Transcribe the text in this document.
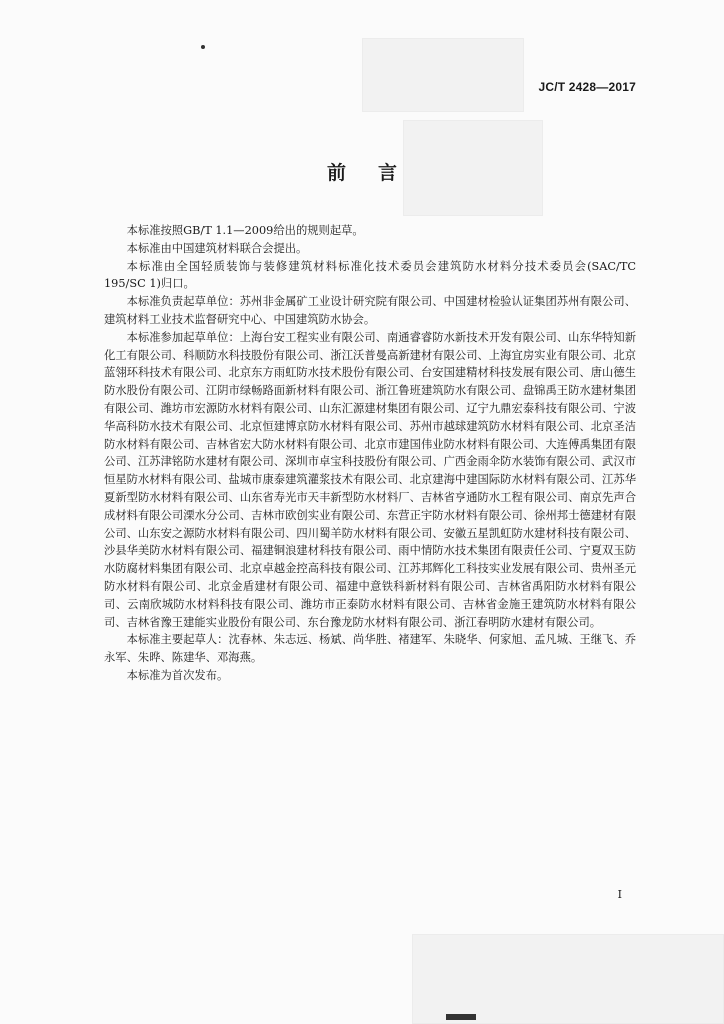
JC/T 2428—2017
前言

本标准按照GB/T 1.1—2009给出的规则起草。

本标准由中国建筑材料联合会提出。

本标准由全国轻质装饰与装修建筑材料标准化技术委员会建筑防水材料分技术委员会(SAC/TC 195/SC 1)归口。

本标准负责起草单位：苏州非金属矿工业设计研究院有限公司、中国建材检验认证集团苏州有限公司、建筑材料工业技术监督研究中心、中国建筑防水协会。

本标准参加起草单位：上海台安工程实业有限公司、南通睿睿防水新技术开发有限公司、山东华特知新化工有限公司、科顺防水科技股份有限公司、浙江沃普曼高新建材有限公司、上海宜房实业有限公司、北京蓝翎环科技术有限公司、北京东方雨虹防水技术股份有限公司、台安国建精材科技发展有限公司、唐山德生防水股份有限公司、江阴市绿畅路面新材料有限公司、浙江鲁班建筑防水有限公司、盘锦禹王防水建材集团有限公司、潍坊市宏源防水材料有限公司、山东汇源建材集团有限公司、辽宁九鼎宏泰科技有限公司、宁波华高科防水技术有限公司、北京恒建博京防水材料有限公司、苏州市越球建筑防水材料有限公司、北京圣洁防水材料有限公司、吉林省宏大防水材料有限公司、北京市建国伟业防水材料有限公司、大连傅禹集团有限公司、江苏津铭防水建材有限公司、深圳市卓宝科技股份有限公司、广西金雨伞防水装饰有限公司、武汉市恒星防水材料有限公司、盐城市康泰建筑灌浆技术有限公司、北京建海中建国际防水材料有限公司、江苏华夏新型防水材料有限公司、山东省寿光市天丰新型防水材料厂、吉林省亨通防水工程有限公司、南京先声合成材料有限公司溧水分公司、吉林市欧创实业有限公司、东营正宇防水材料有限公司、徐州邦士德建材有限公司、山东安之源防水材料有限公司、四川蜀羊防水材料有限公司、安徽五星凯虹防水建材科技有限公司、沙县华美防水材料有限公司、福建铜浪建材科技有限公司、雨中情防水技术集团有限责任公司、宁夏双玉防水防腐材料集团有限公司、北京卓越金控高科技有限公司、江苏邦辉化工科技实业发展有限公司、贵州圣元防水材料有限公司、北京金盾建材有限公司、福建中意铁科新材料有限公司、吉林省禹阳防水材料有限公司、云南欣城防水材料科技有限公司、潍坊市正泰防水材料有限公司、吉林省金施王建筑防水材料有限公司、吉林省豫王建能实业股份有限公司、东台豫龙防水材料有限公司、浙江春明防水建材有限公司。

本标准主要起草人：沈春林、朱志远、杨斌、尚华胜、褚建军、朱晓华、何家旭、孟凡城、王继飞、乔永军、朱晔、陈建华、邓海燕。

本标准为首次发布。

I
